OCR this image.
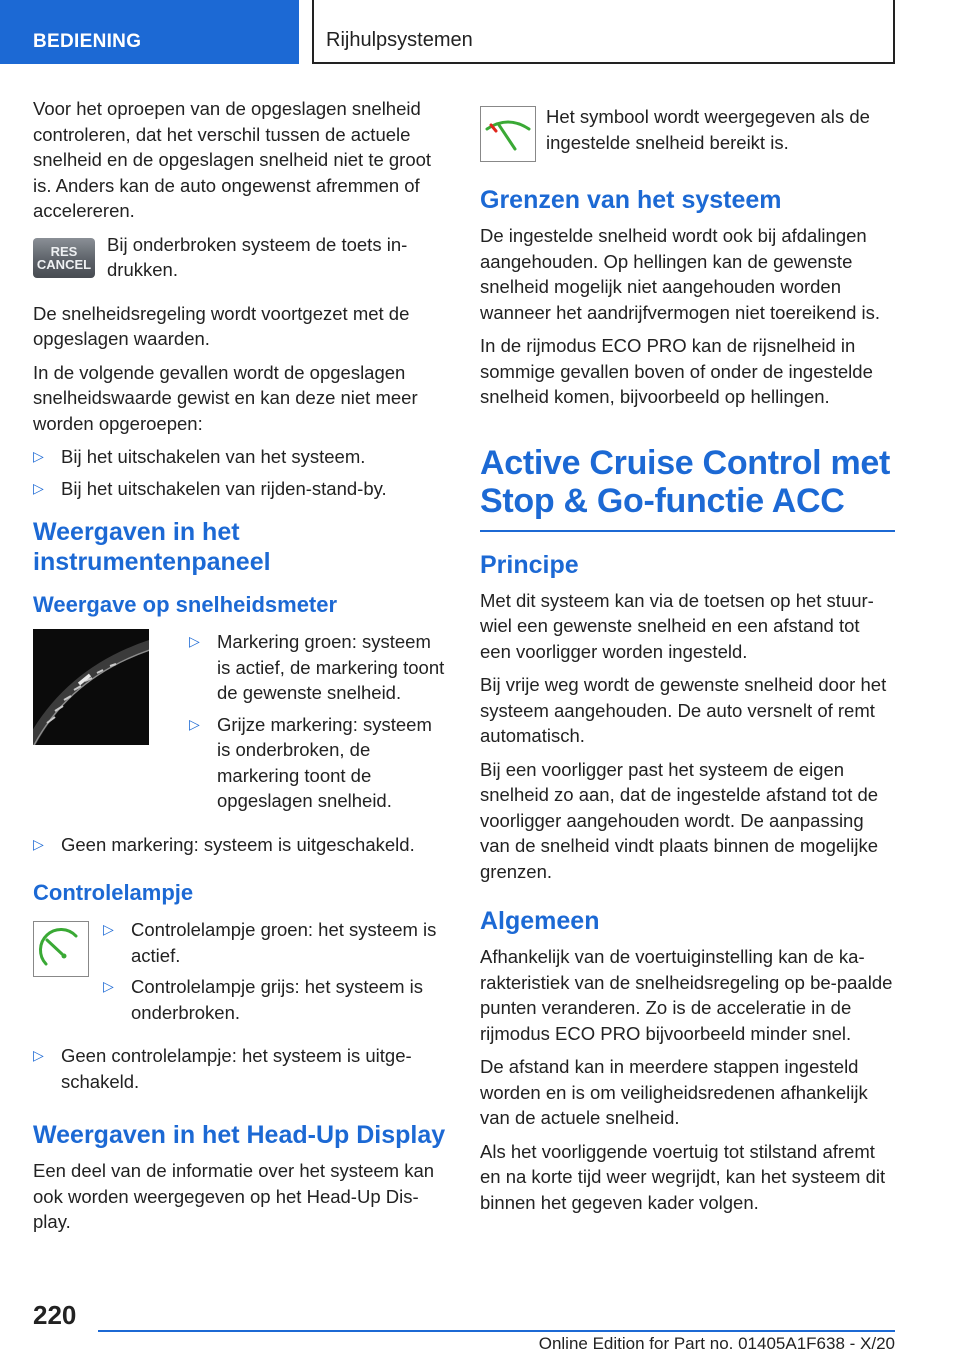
BEDIENING	Rijhulpsystemen

Voor het oproepen van de opgeslagen snelheid controleren, dat het verschil tussen de actuele snelheid en de opgeslagen snelheid niet te groot is. Anders kan de auto ongewenst afremmen of accelereren.

RES
CANCEL

Bij onderbroken systeem de toets in-drukken.

De snelheidsregeling wordt voortgezet met de opgeslagen waarden.

In de volgende gevallen wordt de opgeslagen snelheidswaarde gewist en kan deze niet meer worden opgeroepen:

▷ Bij het uitschakelen van het systeem.
▷ Bij het uitschakelen van rijden-stand-by.
Weergaven in het instrumentenpaneel
Weergave op snelheidsmeter
▷ Markering groen: systeem is actief, de markering toont de gewenste snelheid.
▷ Grijze markering: systeem is onderbroken, de markering toont de opgeslagen snelheid.
▷ Geen markering: systeem is uitgeschakeld.
Controlelampje
▷ Controlelampje groen: het systeem is actief.
▷ Controlelampje grijs: het systeem is onderbroken.
▷ Geen controlelampje: het systeem is uitge-schakeld.
Weergaven in het Head-Up Display

Een deel van de informatie over het systeem kan ook worden weergegeven op het Head-Up Dis-play.

Het symbool wordt weergegeven als de ingestelde snelheid bereikt is.

Grenzen van het systeem

De ingestelde snelheid wordt ook bij afdalingen aangehouden. Op hellingen kan de gewenste snelheid mogelijk niet aangehouden worden wanneer het aandrijfvermogen niet toereikend is.

In de rijmodus ECO PRO kan de rijsnelheid in sommige gevallen boven of onder de ingestelde snelheid komen, bijvoorbeeld op hellingen.

Active Cruise Control met Stop & Go-functie ACC
Principe

Met dit systeem kan via de toetsen op het stuur-wiel een gewenste snelheid en een afstand tot een voorligger worden ingesteld.

Bij vrije weg wordt de gewenste snelheid door het systeem aangehouden. De auto versnelt of remt automatisch.

Bij een voorligger past het systeem de eigen snelheid zo aan, dat de ingestelde afstand tot de voorligger aangehouden wordt. De aanpassing van de snelheid vindt plaats binnen de mogelijke grenzen.

Algemeen

Afhankelijk van de voertuiginstelling kan de ka-rakteristiek van de snelheidsregeling op be-paalde punten veranderen. Zo is de acceleratie in de rijmodus ECO PRO bijvoorbeeld minder snel.

De afstand kan in meerdere stappen ingesteld worden en is om veiligheidsredenen afhankelijk van de actuele snelheid.

Als het voorliggende voertuig tot stilstand afremt en na korte tijd weer wegrijdt, kan het systeem dit binnen het gegeven kader volgen.

220
Online Edition for Part no. 01405A1F638 - X/20
